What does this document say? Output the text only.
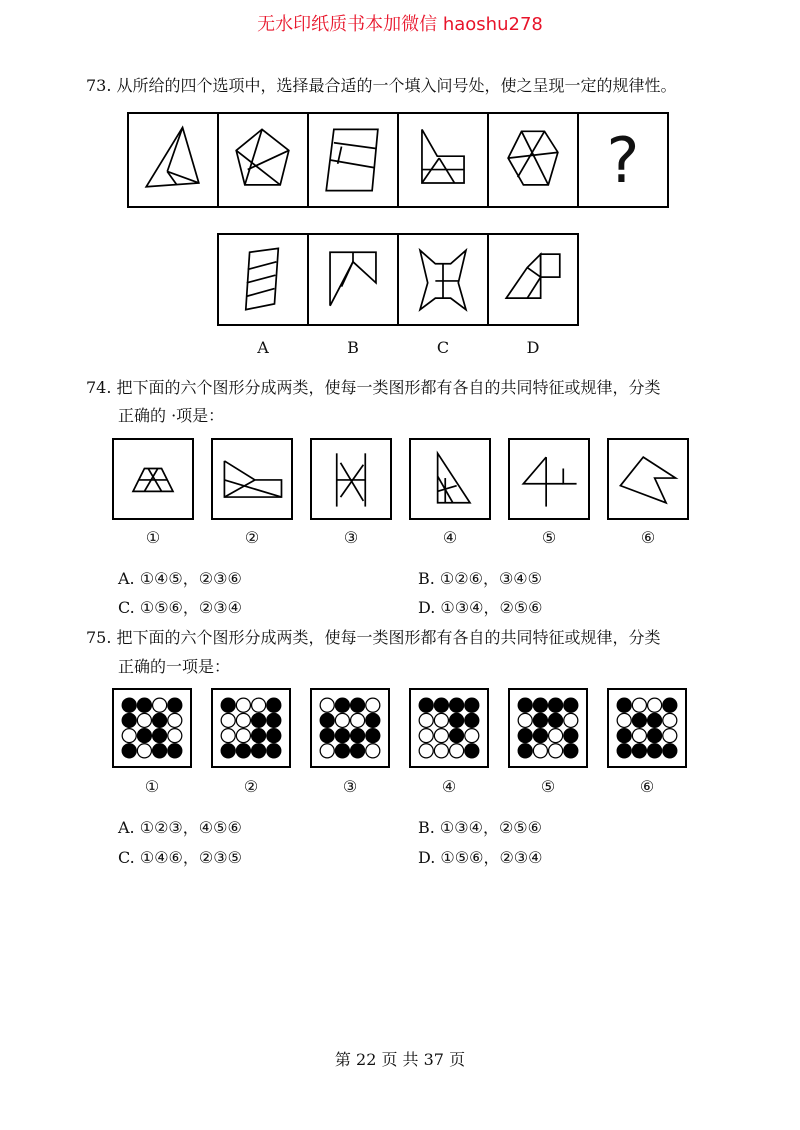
无水印纸质书本加微信 haoshu278
73. 从所给的四个选项中，选择最合适的一个填入问号处，使之呈现一定的规律性。
?
A	B	C	D
74. 把下面的六个图形分成两类，使每一类图形都有各自的共同特征或规律，分类
正确的 ·项是：
①	②	③	④	⑤	⑥
A. ①④⑤，②③⑥	B. ①②⑥，③④⑤
C. ①⑤⑥，②③④	D. ①③④，②⑤⑥
75. 把下面的六个图形分成两类，使每一类图形都有各自的共同特征或规律，分类
正确的一项是：
①	②	③	④	⑤	⑥
A. ①②③，④⑤⑥	B. ①③④，②⑤⑥
C. ①④⑥，②③⑤	D. ①⑤⑥，②③④
第 22 页 共 37 页
